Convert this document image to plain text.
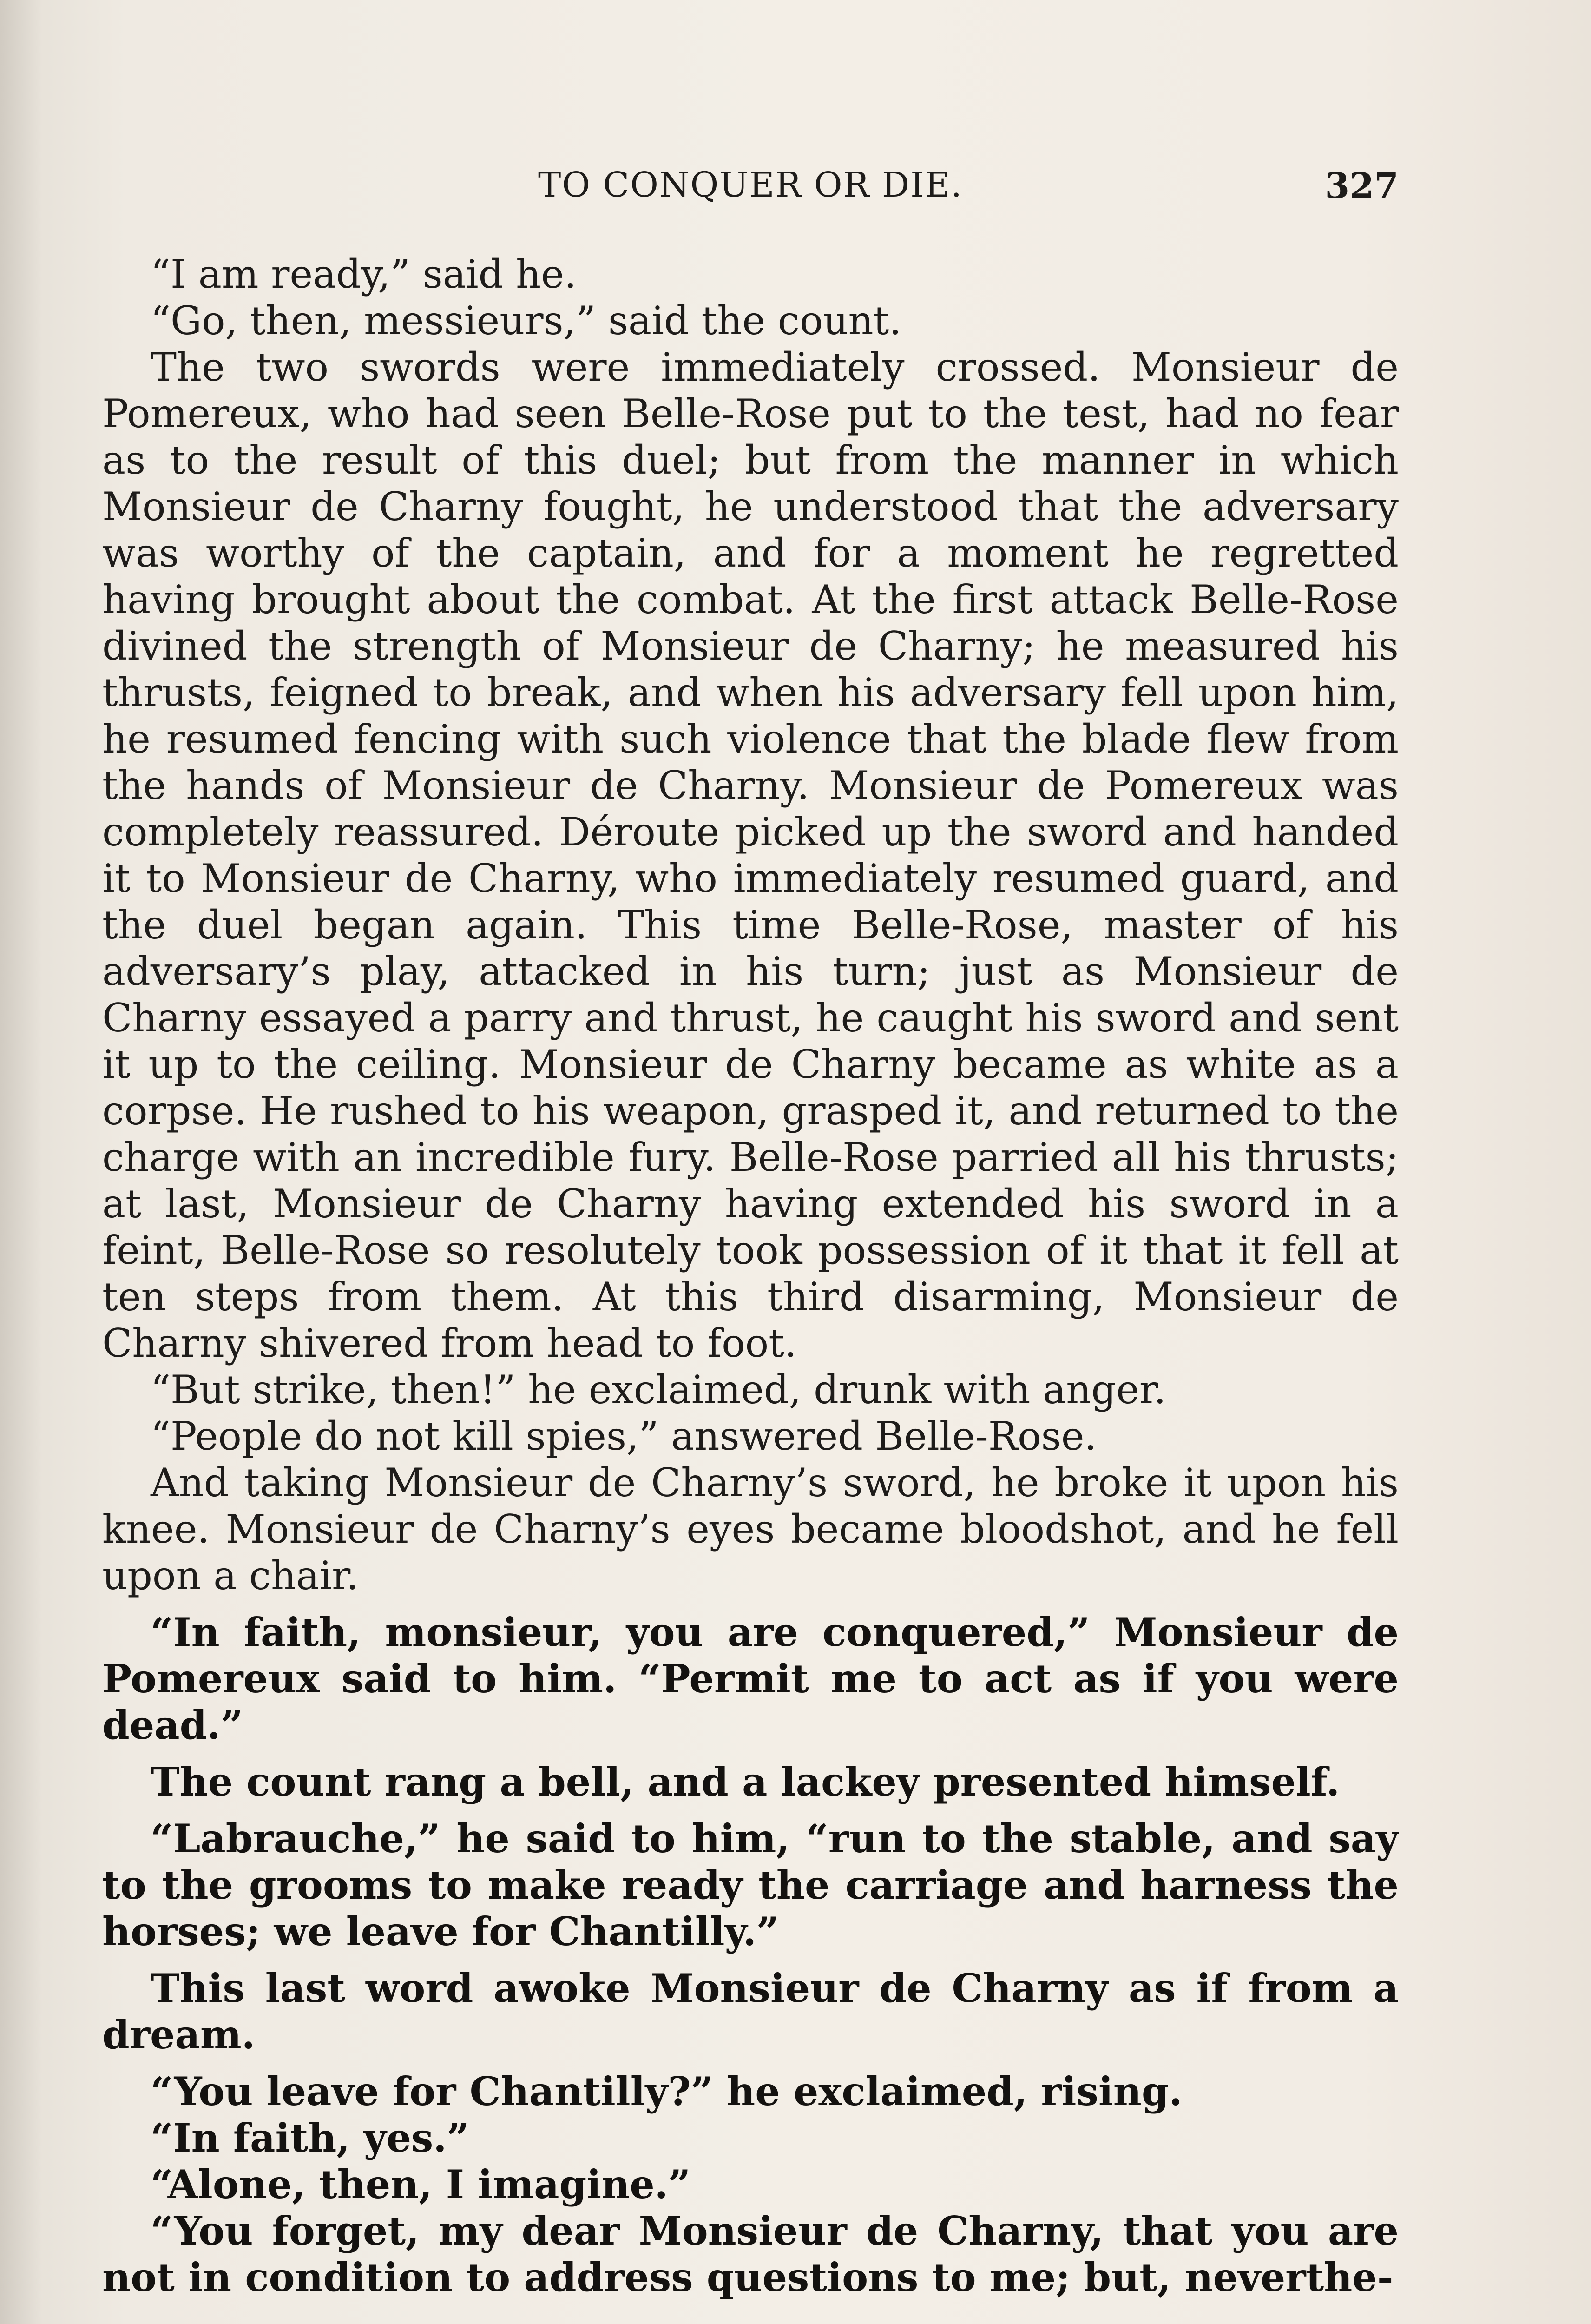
TO CONQUER OR DIE.	327

“I am ready,” said he.

“Go, then, messieurs,” said the count.

The two swords were immediately crossed. Monsieur de Pomereux, who had seen Belle-Rose put to the test, had no fear as to the result of this duel; but from the manner in which Monsieur de Charny fought, he understood that the adversary was worthy of the captain, and for a moment he regretted having brought about the combat. At the first attack Belle-Rose divined the strength of Monsieur de Charny; he measured his thrusts, feigned to break, and when his adversary fell upon him, he resumed fencing with such violence that the blade flew from the hands of Monsieur de Charny. Monsieur de Pomereux was completely reassured. Déroute picked up the sword and handed it to Monsieur de Charny, who immediately resumed guard, and the duel began again. This time Belle-Rose, master of his adversary’s play, attacked in his turn; just as Monsieur de Charny essayed a parry and thrust, he caught his sword and sent it up to the ceiling. Monsieur de Charny became as white as a corpse. He rushed to his weapon, grasped it, and returned to the charge with an incredible fury. Belle-Rose parried all his thrusts; at last, Monsieur de Charny having extended his sword in a feint, Belle-Rose so resolutely took possession of it that it fell at ten steps from them. At this third disarming, Monsieur de Charny shivered from head to foot.

“But strike, then!” he exclaimed, drunk with anger.

“People do not kill spies,” answered Belle-Rose.

And taking Monsieur de Charny’s sword, he broke it upon his knee. Monsieur de Charny’s eyes became bloodshot, and he fell upon a chair.

“In faith, monsieur, you are conquered,” Monsieur de Pomereux said to him. “Permit me to act as if you were dead.”

The count rang a bell, and a lackey presented himself.

“Labrauche,” he said to him, “run to the stable, and say to the grooms to make ready the carriage and harness the horses; we leave for Chantilly.”

This last word awoke Monsieur de Charny as if from a dream.

“You leave for Chantilly?” he exclaimed, rising.

“In faith, yes.”

“Alone, then, I imagine.”

“You forget, my dear Monsieur de Charny, that you are not in condition to address questions to me; but, neverthe-
